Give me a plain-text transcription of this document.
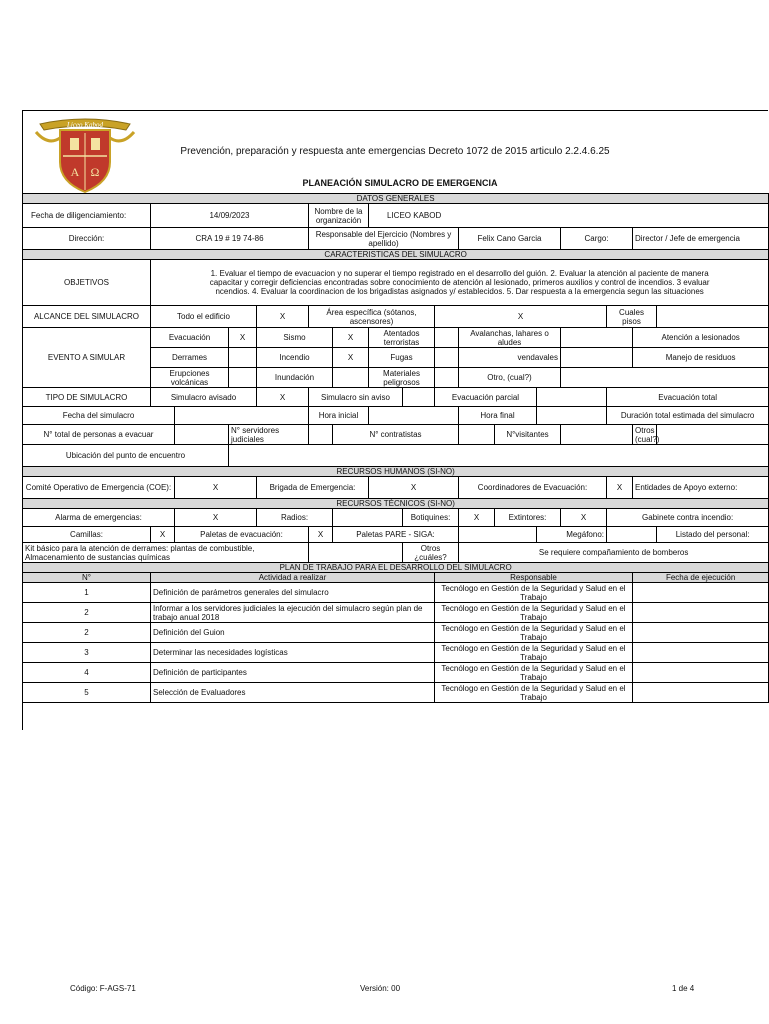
A Ω
Liceo Kabod
Prevención, preparación y respuesta ante emergencias Decreto 1072 de 2015 articulo 2.2.4.6.25
PLANEACIÓN SIMULACRO DE EMERGENCIA
DATOS GENERALES																
Fecha de diligenciamiento:	14/09/2023				Nombre de la organización		LICEO KABOD									
Dirección:	CRA 19 # 19 74-86				Responsable del Ejercicio (Nombres y apellido)					Felix Cano Garcia			Cargo:		Director / Jefe de emergencia	
CARACTERISTICAS DEL SIMULACRO																
OBJETIVOS	1. Evaluar el tiempo de evacuacion y no superar el tiempo registrado en el desarrollo del guión. 2. Evaluar la atención al paciente de manera
capacitar y corregir deficiencias encontradas sobre conocimiento de atención al lesionado, primeros auxilios y control de incendios. 3 evaluar
ncendios. 4. Evaluar la coordinacion de los brigadistas asignados y/ establecidos. 5. Dar respuesta a la emergencia segun las situaciones															

ALCANCE DEL SIMULACRO	Todo el edificio			X	Área específica (sótanos, ascensores)				X					Cuales pisos		
EVENTO A SIMULAR	Evacuación		X	Sismo		X	Atentados terroristas			Avalanchas, lahares o aludes					Atención a lesionados	
	Derrames			Incendio		X	Fugas			vendavales					Manejo de residuos	
	Erupciones volcánicas			Inundación			Materiales peligrosos			Otro, (cual?)						
TIPO DE SIMULACRO	Simulacro avisado			X	Simulacro sin aviso				Evacuación parcial					Evacuación total		
Fecha del simulacro					Hora inicial					Hora final				Duración total estimada del simulacro		
N° total de personas a evacuar			N° servidores judiciales			N° contratistas					N°visitantes				Otros (cual?)	
Ubicación del punto de encuentro																
RECURSOS HUMANOS (SI-NO)																
Comité Operativo de Emergencia (COE):		X		Brigada de Emergencia:			X			Coordinadores de Evacuación:				X	Entidades de Apoyo externo:	
RECURSOS TÉCNICOS (SI-NO)																
Alarma de emergencias:		X		Radios:				Botiquines:		X	Extintores:		X	Gabinete contra incendio:		
Camillas:	X	Paletas de evacuación:			X	Paletas PARE - SIGA:						Megáfono:				Listado del personal:
Kit básico para la atención de derrames: plantas de combustible, Almacenamiento de sustancias químicas								Otros ¿cuáles?		Se requiere compañamiento de bomberos						
PLAN DE TRABAJO PARA EL DESARROLLO DEL SIMULACRO																
N°	Actividad a realizar								Responsable						Fecha de ejecución	
1	Definición de parámetros generales del simulacro								Tecnólogo en Gestión de la Seguridad y Salud en el Trabajo							
2	Informar a los servidores judiciales la ejecución del simulacro según plan de trabajo anual 2018								Tecnólogo en Gestión de la Seguridad y Salud en el Trabajo							
2	Definición del Guion								Tecnólogo en Gestión de la Seguridad y Salud en el Trabajo							
3	Determinar las necesidades logísticas								Tecnólogo en Gestión de la Seguridad y Salud en el Trabajo							
4	Definición de participantes								Tecnólogo en Gestión de la Seguridad y Salud en el Trabajo							
5	Selección de Evaluadores								Tecnólogo en Gestión de la Seguridad y Salud en el Trabajo							
Código: F-AGS-71	Versión: 00	1 de 4
